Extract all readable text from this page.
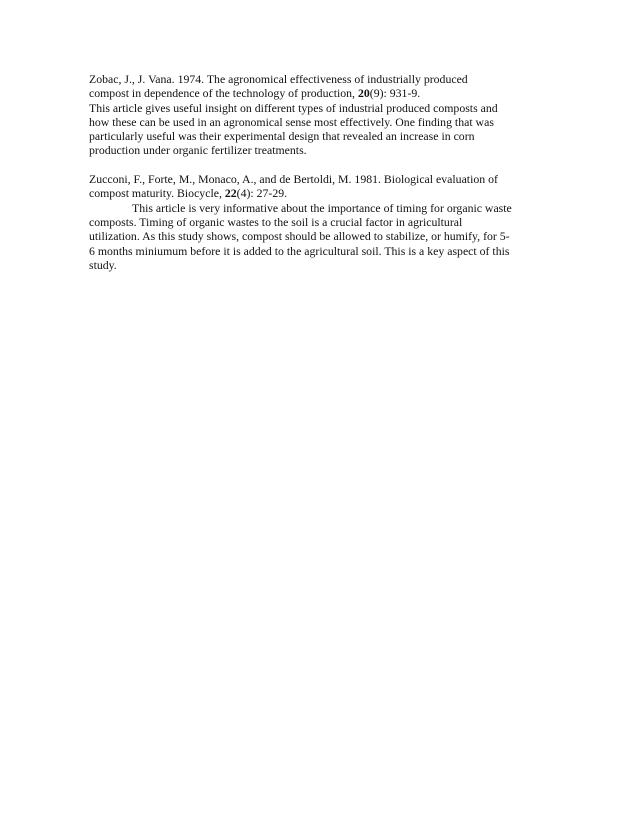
Zobac, J., J. Vana. 1974. The agronomical effectiveness of industrially produced
compost in dependence of the technology of production, 20(9): 931-9.
This article gives useful insight on different types of industrial produced composts and
how these can be used in an agronomical sense most effectively. One finding that was
particularly useful was their experimental design that revealed an increase in corn
production under organic fertilizer treatments.
Zucconi, F., Forte, M., Monaco, A., and de Bertoldi, M. 1981. Biological evaluation of
compost maturity. Biocycle, 22(4): 27-29.
This article is very informative about the importance of timing for organic waste
composts. Timing of organic wastes to the soil is a crucial factor in agricultural
utilization. As this study shows, compost should be allowed to stabilize, or humify, for 5-
6 months miniumum before it is added to the agricultural soil. This is a key aspect of this
study.
